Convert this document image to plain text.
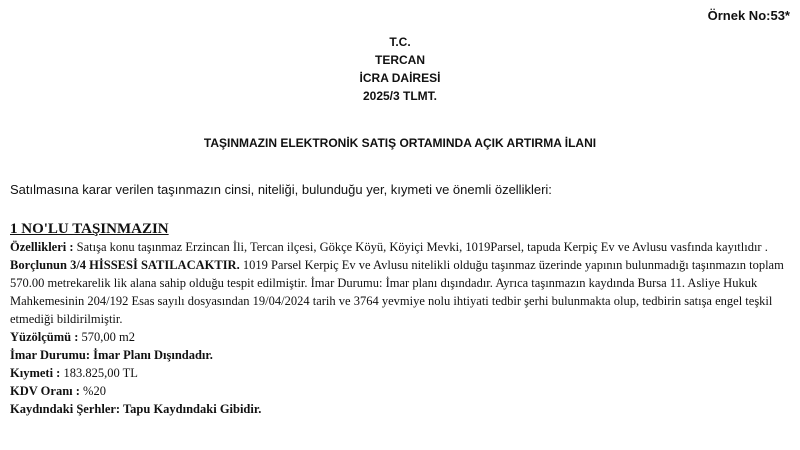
Örnek No:53*
T.C.
TERCAN
İCRA DAİRESİ
2025/3 TLMT.
TAŞINMAZIN ELEKTRONİK SATIŞ ORTAMINDA AÇIK ARTIRMA İLANI
Satılmasına karar verilen taşınmazın cinsi, niteliği, bulunduğu yer, kıymeti ve önemli özellikleri:
1 NO'LU TAŞINMAZIN

Özellikleri : Satışa konu taşınmaz Erzincan İli, Tercan ilçesi, Gökçe Köyü, Köyiçi Mevki, 1019Parsel, tapuda Kerpiç Ev ve Avlusu vasfında kayıtlıdır .

Borçlunun 3/4 HİSSESİ SATILACAKTIR. 1019 Parsel Kerpiç Ev ve Avlusu nitelikli olduğu taşınmaz üzerinde yapının bulunmadığı taşınmazın toplam 570.00 metrekarelik lik alana sahip olduğu tespit edilmiştir. İmar Durumu: İmar planı dışındadır. Ayrıca taşınmazın kaydında Bursa 11. Asliye Hukuk Mahkemesinin 204/192 Esas sayılı dosyasından 19/04/2024 tarih ve 3764 yevmiye nolu ihtiyati tedbir şerhi bulunmakta olup, tedbirin satışa engel teşkil etmediği bildirilmiştir.

Yüzölçümü : 570,00 m2

İmar Durumu: İmar Planı Dışındadır.

Kıymeti : 183.825,00 TL

KDV Oranı : %20

Kaydındaki Şerhler: Tapu Kaydındaki Gibidir.
